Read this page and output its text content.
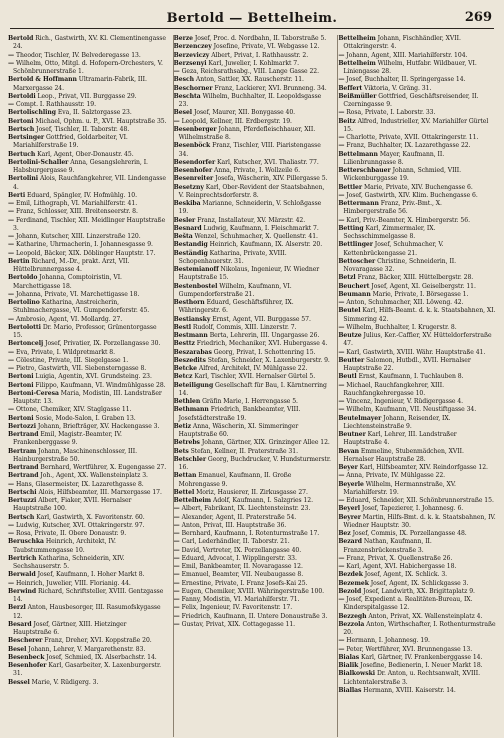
Bertold — Bettelheim.	269

Bertold Rich., Gastwirth, XV. Kl. Clementinengasse 24.

— Theodor, Tischler, IV. Belvederegasse 13.

— Wilhelm, Otto, Mitgl. d. Hofopern-Orchesters, V. Schönbrunnerstraße 1.

Bertold & Hoffmann Ultramarin-Fabrik, III. Marxergasse 24.

Bertoldi Leop., Privat, VII. Burggasse 29.

— Compt. I. Rathhausstr. 19.

Bertolischling Eva, II. Salztorgasse 23.

Bertoni Michael, Ophm. u. P., XVI. Hauptstraße 35.

Bertsch Josef, Tischler, II. Taborstr. 48.

Bertsinger Gottfried, Goldarbeiter, VI. Mariahilferstraße 19.

Bertuch Karl, Agent, Ober-Donaustr. 45.

Bertolini-Schaller Anna, Gesangslehrerin, I. Habsburgergasse 9.

Bertolini Alois, Rauchfangkehrer, VII. Lindengasse 4.

Berti Eduard, Spängler, IV. Hofmühlg. 10.

— Emil, Lithograph, VI. Mariahilferstr. 41.

— Franz, Schlosser, XIII. Breitenseerstr. 8.

— Ferdinand, Tischler, XII. Meidlinger Hauptstraße 3.

— Johann, Kutscher, XIII. Linzerstraße 120.

— Katharine, Uhrmacherin, I. Johannesgasse 9.

— Leopold, Bäcker, XIX. Döblinger Hauptstr. 17.

Bertin Richard, M.-Dr., prakt. Arzt, VII. Hüttelbrunnergasse 4.

Bertoldo Johanna, Comptoiristin, VI. Marchettigasse 18.

— Johanna, Private, VI. Marchettigasse 18.

Bertolino Katharina, Anstreicherin, Stuhlmachergasse, VI. Gumpendorferstr. 45.

— Ambrosio, Agent, VI. Mollardg. 27.

Bertolotti Dr. Mario, Professor, Grünentorgasse 15.

Bertoncelj Josef, Privatier, IX. Porzellangasse 30.

— Eva, Private, I. Wildpretmarkt 8.

— Cölestine, Private, III. Siegelgasse 1.

— Pietro, Gastwirth, VII. Siebensterngasse 8.

Bertoni Luigia, Agentin, XVI. Grundsteing. 23.

Bertoni Filippo, Kaufmann, VI. Windmühlgasse 28.

Bertoni-Ceresa Maria, Modistin, III. Landstraßer Hauptstr. 13.

— Ottone, Chemiker, XIV. Staglgasse 11.

Bertoni Sosie, Mode-Salon, I. Graben 13.

Bertozzi Johann, Briefträger, XV. Hackengasse 3.

Bertrand Emil, Magistr.-Beamter, IV. Frankenberggasse 9.

Bertram Johann, Maschinenschlosser, III. Hainburgerstraße 50.

Bertrand Bernhard, Wertführer, X. Eugengasse 27.

Bertrand Joh., Agent, XX. Wallensteinplatz 3.

— Hans, Glasermeister, IX. Lazarethgasse 8.

Bertschi Alois, Hilfsbeamter, III. Marxergasse 17.

Bertuzzi Albert, Fiaker, XVII. Hernalser Hauptstraße 100.

Bertsch Karl, Gastwirth, X. Favoritenstr. 60.

— Ludwig, Kutscher, XVI. Ottakringerstr. 97.

— Rosa, Private, II. Obere Donaustr. 9.

Beruschka Heinrich, Architekt, IV. Taubstummengasse 10.

Bertrich Katharina, Schneiderin, XIV. Sechshauserstr. 5.

Berwald Josef, Kaufmann, I. Hoher Markt 8.

— Heinrich, Juwelier, VIII. Florianig. 44.

Berwind Richard, Schriftsteller, XVIII. Gentzgasse 14.

Berzl Anton, Hausbesorger, III. Rasumofskygasse 12.

Besard Josef, Gärtner, XIII. Hietzinger Hauptstraße 6.

Bescherer Franz, Dreher, XVI. Koppstraße 20.

Besel Johann, Lehrer, V. Margarethenstr. 83.

Besenbeck Josef, Schmied, IX. Alserbachstr. 14.

Besenhofer Karl, Gasarbeiter, X. Laxenburgerstr. 31.

Bessel Marie, V. Rüdigerg. 3.

Berze Josef, Proc. d. Nordbahn, II. Taborstraße 5.

Berzenczey Josefine, Private, VI. Webgasse 12.

Berzeviczy Albert, Privat, I. Rathhausstr. 2.

Berzsenyi Karl, Juwelier, I. Kohlmarkt 7.

— Geza, Reichsrathsabg., VIII. Lange Gasse 22.

Besch Anton, Sattler, XX. Rauscherstr. 11.

Beschorner Franz, Lackierer, XVI. Brunneng. 34.

Beschta Wilhelm, Buchhalter, II. Leopoldsgasse 23.

Besel Josef, Maurer, XII. Bonygasse 40.

— Leopold, Kellner, III. Erdbergstr. 19.

Besenberger Johann, Pferdefleischhauer, XII. Wilhelmstraße 8.

Besenböck Franz, Tischler, VIII. Piaristengasse 34.

Besendorfer Karl, Kutscher, XVI. Thaliastr. 77.

Besenhofer Anna, Private, I. Wollzeile 6.

Besenreiter Josefa, Wäscherin, XIV. Pillergasse 5.

Besetzny Karl, Ober-Revident der Staatsbahnen, V. Reinprechtsdorferstr. 8.

Beskiba Marianne, Schneiderin, V. Schloßgasse 19.

Besler Franz, Installateur, XV. Märzstr. 42.

Besnard Ludwig, Kaufmann, I. Fleischmarkt 7.

Bešta Wenzel, Schuhmacher, X. Quellenstr. 41.

Bestandig Heinrich, Kaufmann, IX. Alserstr. 20.

Beständig Katharina, Private, XVIII. Schopenhauerstr. 31.

Bestemianoff Nikolaus, Ingenieur, IV. Wiedner Hauptstraße 15.

Bestenbostel Wilhelm, Kaufmann, VI. Gumpendorferstraße 21.

Besthorn Eduard, Geschäftsführer, IX. Währingerstr. 6.

Bestiansky Ernst, Agent, VII. Burggasse 57.

Bestl Rudolf, Commis, XIII. Linzerstr. 7.

Bestmann Berta, Lehrerin, III. Ungargasse 26.

Besttz Friedrich, Mechaniker, XVI. Hubergasse 4.

Beszarabas Georg, Privat, I. Schottenring 15.

Beszedits Stefan, Schneider, X. Laxenburgerstr. 9.

Betcke Alfred, Architekt, IV. Mühlgasse 22.

Betcz Karl, Tischler, XVII. Hernalser Gürtel 5.

Beteiligung Gesellschaft für Bau, I. Kärntnerring 14.

Bethlen Gräfin Marie, I. Herrengasse 5.

Bethmann Friedrich, Bankbeamter, VIII. Josefstädterstraße 19.

Betiz Anna, Wäscherin, XI. Simmeringer Hauptstraße 60.

Betrebs Johann, Gärtner, XIX. Grinzinger Allee 12.

Bets Stefan, Kellner, II. Praterstraße 31.

Betschler Georg, Buchdrucker, V. Hundsturmerstr. 16.

Bettan Emanuel, Kaufmann, II. Große Mohrengasse 9.

Bettel Moriz, Hausierer, II. Zirkusgasse 27.

Bettelheim Adolf, Kaufmann, I. Salzgries 12.

— Albert, Fabrikant, IX. Liechtensteinstr. 23.

— Alexander, Agent, II. Praterstraße 54.

— Anton, Privat, III. Hauptstraße 36.

— Bernhard, Kaufmann, I. Rotenturmstraße 17.

— Carl, Lederhändler, II. Taborstr. 21.

— David, Vertreter, IX. Porzellangasse 40.

— Eduard, Advocat, I. Wipplingerstr. 33.

— Emil, Bankbeamter, II. Novaragasse 12.

— Emanuel, Beamter, VII. Neubaugasse 8.

— Ernestine, Private, I. Franz Josefs-Kai 25.

— Eugen, Chemiker, XVIII. Währingerstraße 100.

— Fanny, Modistin, VI. Mariahilferstr. 71.

— Felix, Ingenieur, IV. Favoritenstr. 17.

— Friedrich, Kaufmann, II. Untere Donaustraße 3.

— Gustav, Privat, XIX. Cottagegasse 11.

Bettelheim Johann, Fischhändler, XVII. Ottakringerstr. 4.

— Johann, Agent, XIII. Mariahilferstr. 104.

Bettelheim Wilhelm, Hutfabr. Wildbauer, VI. Liniengasse 28.

— Josef, Buchhalter, II. Springergasse 14.

Beffert Viktoria, V. Gräng. 31.

Beißmüller Gottfried, Geschäftsreisender, II. Czerningasse 9.

— Rosa, Private, I. Laborstr. 33.

Beitz Alfred, Industrieller, XV. Mariahilfer Gürtel 15.

— Charlotte, Private, XVII. Ottakringerstr. 11.

— Franz, Buchhalter, IX. Lazarethgasse 22.

Bettelmann Mayer, Kaufmann, II. Lilienbrunngasse 8.

Betterschbauer Johann, Schmied, VIII. Wickenburggasse 19.

Bettler Marie, Private, XIV. Buchengasse 6.

— Josef, Gastwirth, XIV. Klim. Buchengasse 6.

Bettermann Franz, Priv.-Bmt., X. Himbergerstraße 56.

— Karl, Priv.-Beamter, X. Himbergerstr. 56.

Betting Karl, Zimmermaler, IX. Sechsschimmelgasse 8.

Bettlinger Josef, Schuhmacher, V. Kettenbrückengasse 21.

Bettoscher Christine, Schneiderin, II. Novaragasse 32.

Betzl Franz, Bäcker, XIII. Hüttelbergstr. 28.

Beuchert Josef, Agent, XI. Geiselbergstr. 11.

Beumann Marie, Private, I. Börsegasse 1.

— Anton, Schuhmacher, XII. Löweng. 42.

Beutel Karl, Hilfs-Beamt. d. k. k. Staatsbahnen, XI. Simmering 42.

— Wilhelm, Buchhalter, I. Krugerstr. 8.

Beutze Julius, Ker.-Caffier, XV. Hütteldorferstraße 47.

— Karl, Gastwirth, XVIII. Währ. Hauptstraße 41.

Beutter Salomon, Hutbdl., XVII. Hernalser Hauptstraße 22.

Beutl Ernst, Kaufmann, I. Tuchlauben 8.

— Michael, Rauchfangkehrer, XIII. Rauchfangkehrergasse 10.

— Vincenz, Ingenieur, V. Rüdigergasse 4.

— Wilhelm, Kaufmann, VII. Neustiftgasse 34.

Beutelmayer Johann, Reisender, IX. Liechtensteinstraße 9.

Beutner Karl, Lehrer, III. Landstraßer Hauptstraße 4.

Bevan Emmeline, Stubenmädchen, XVII. Hernalser Hauptstraße 28.

Beyer Karl, Hilfsbeamter, XIV. Reindorfgasse 12.

— Anna, Private, IV. Mühlgasse 22.

Beyerle Wilhelm, Hermannstraße, XV. Mariahilferstr. 19.

— Eduard, Schneider, XII. Schönbrunnerstraße 15.

Beyerl Josef, Tapezierer, I. Johannesg. 6.

Beyrer Martin, Hilfs-Bmt. d. k. k. Staatsbahnen, IV. Wiedner Hauptstr. 30.

Bez Josef, Commis, IX. Porzellangasse 48.

Bezard Nathan, Kaufmann, II. Franzensbrückenstraße 3.

— Franz, Privat, X. Quellenstraße 26.

— Karl, Agent, XVI. Habichergasse 18.

Bezdek Josef, Agent, IX. Schlick. 3.

Bezemek Josef, Agent, IX. Schlickgasse 3.

Bezold Josef, Landwirth, XX. Brigittaplatz 9.

— Josef, Expedient a. Realitäten-Bureau, IX. Kinderspitalgasse 12.

Bezzegh Anton, Privat, XX. Wallensteinplatz 4.

Bezzola Anton, Wirthschafter, I. Rothenturmstraße 20.

— Hermann, I. Johannesg. 19.

— Peter, Wertführer, XVI. Brunnengasse 13.

Bialas Karl, Gärtner, IV. Frankenberggasse 14.

Bialik Josefine, Bedienerin, I. Neuer Markt 18.

Bialkowski Dr. Anton, u. Rechtsanwalt, XVIII. Lichtentalerstraße 3.

Biallas Hermann, XVIII. Kaiserstr. 14.
